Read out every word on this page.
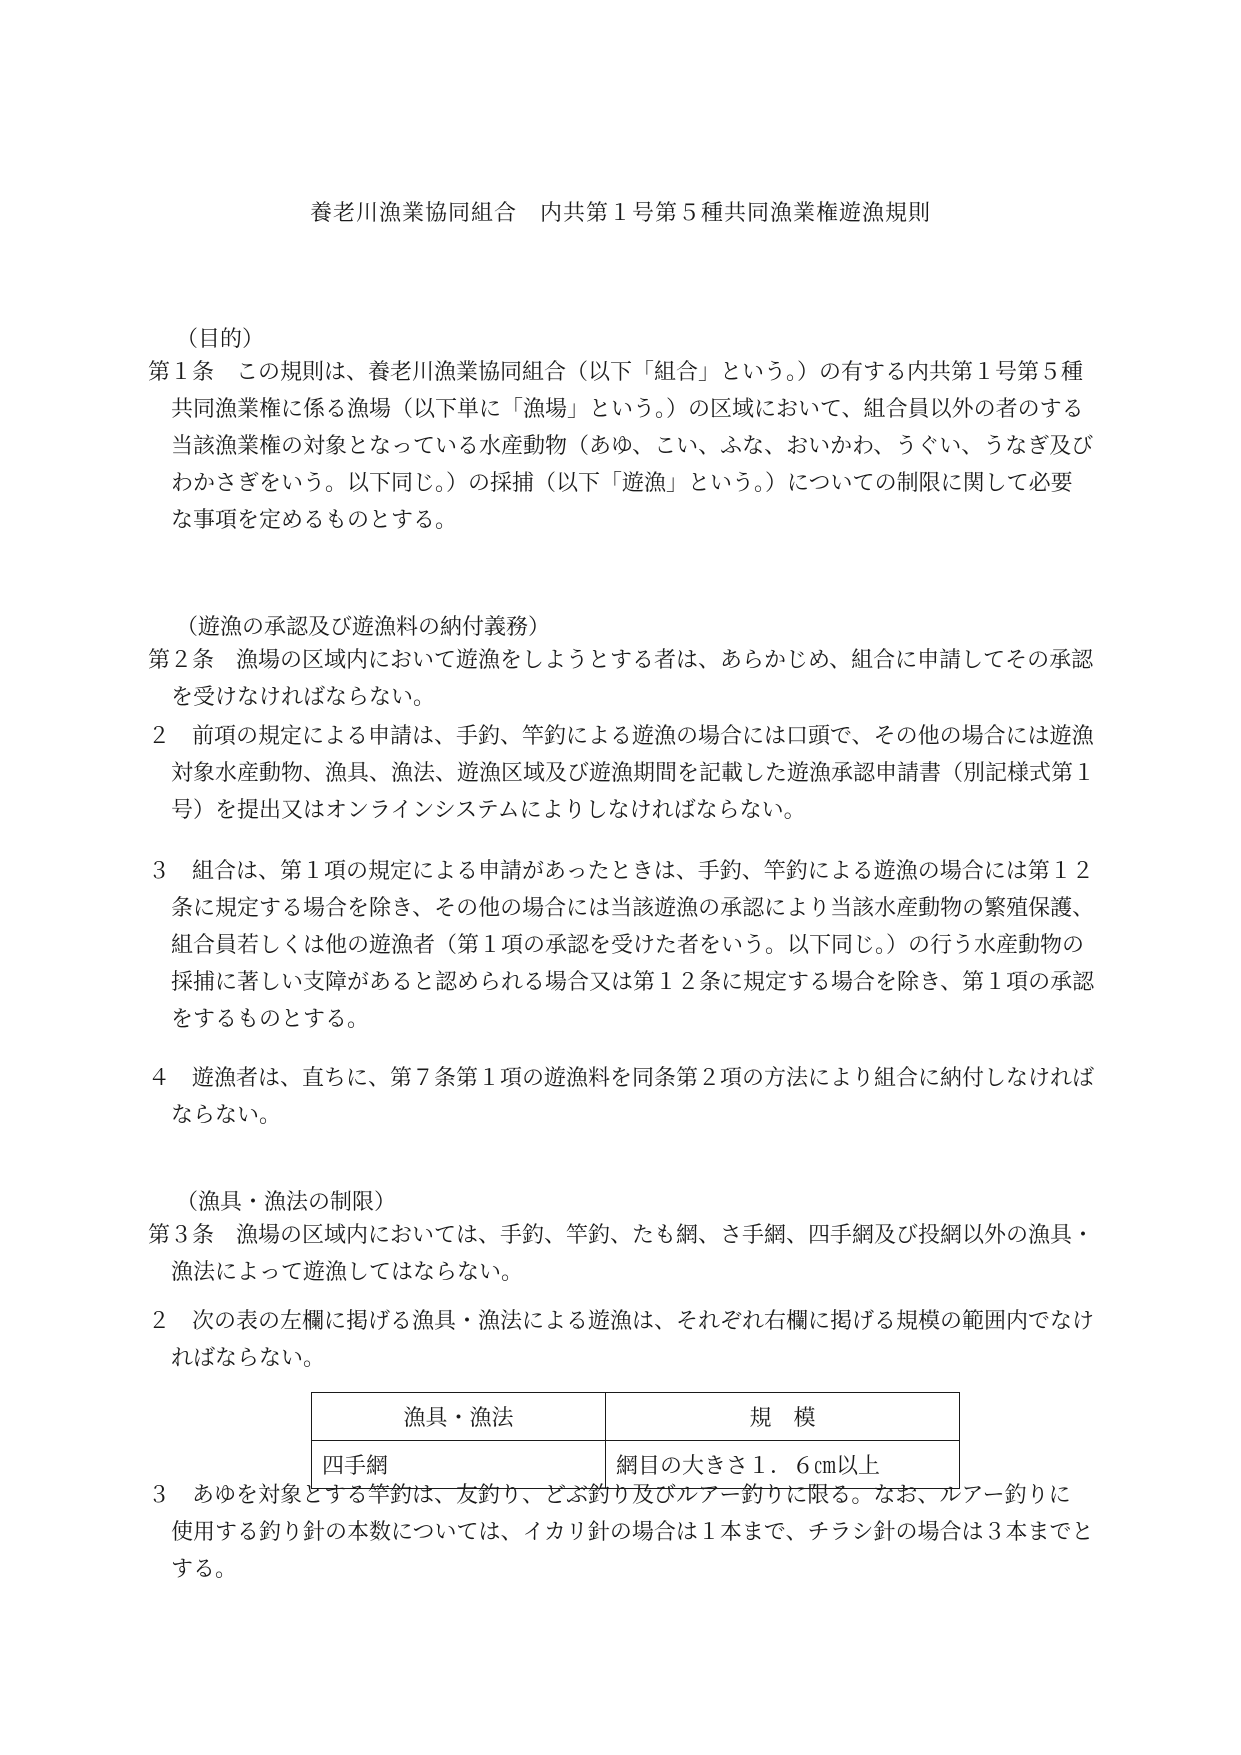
養老川漁業協同組合　内共第１号第５種共同漁業権遊漁規則
（目的）
第１条　この規則は、養老川漁業協同組合（以下「組合」という。）の有する内共第１号第５種
共同漁業権に係る漁場（以下単に「漁場」という。）の区域において、組合員以外の者のする
当該漁業権の対象となっている水産動物（あゆ、こい、ふな、おいかわ、うぐい、うなぎ及び
わかさぎをいう。以下同じ。）の採捕（以下「遊漁」という。）についての制限に関して必要
な事項を定めるものとする。
（遊漁の承認及び遊漁料の納付義務）
第２条　漁場の区域内において遊漁をしようとする者は、あらかじめ、組合に申請してその承認
を受けなければならない。
２　前項の規定による申請は、手釣、竿釣による遊漁の場合には口頭で、その他の場合には遊漁
対象水産動物、漁具、漁法、遊漁区域及び遊漁期間を記載した遊漁承認申請書（別記様式第１
号）を提出又はオンラインシステムによりしなければならない。
３　組合は、第１項の規定による申請があったときは、手釣、竿釣による遊漁の場合には第１２
条に規定する場合を除き、その他の場合には当該遊漁の承認により当該水産動物の繁殖保護、
組合員若しくは他の遊漁者（第１項の承認を受けた者をいう。以下同じ。）の行う水産動物の
採捕に著しい支障があると認められる場合又は第１２条に規定する場合を除き、第１項の承認
をするものとする。
４　遊漁者は、直ちに、第７条第１項の遊漁料を同条第２項の方法により組合に納付しなければ
ならない。
（漁具・漁法の制限）
第３条　漁場の区域内においては、手釣、竿釣、たも網、さ手網、四手網及び投網以外の漁具・
漁法によって遊漁してはならない。
２　次の表の左欄に掲げる漁具・漁法による遊漁は、それぞれ右欄に掲げる規模の範囲内でなけ
ればならない。
漁具・漁法	規　模
四手網	網目の大きさ１．６㎝以上
３　あゆを対象とする竿釣は、友釣り、どぶ釣り及びルアー釣りに限る。なお、ルアー釣りに
使用する釣り針の本数については、イカリ針の場合は１本まで、チラシ針の場合は３本までと
する。
